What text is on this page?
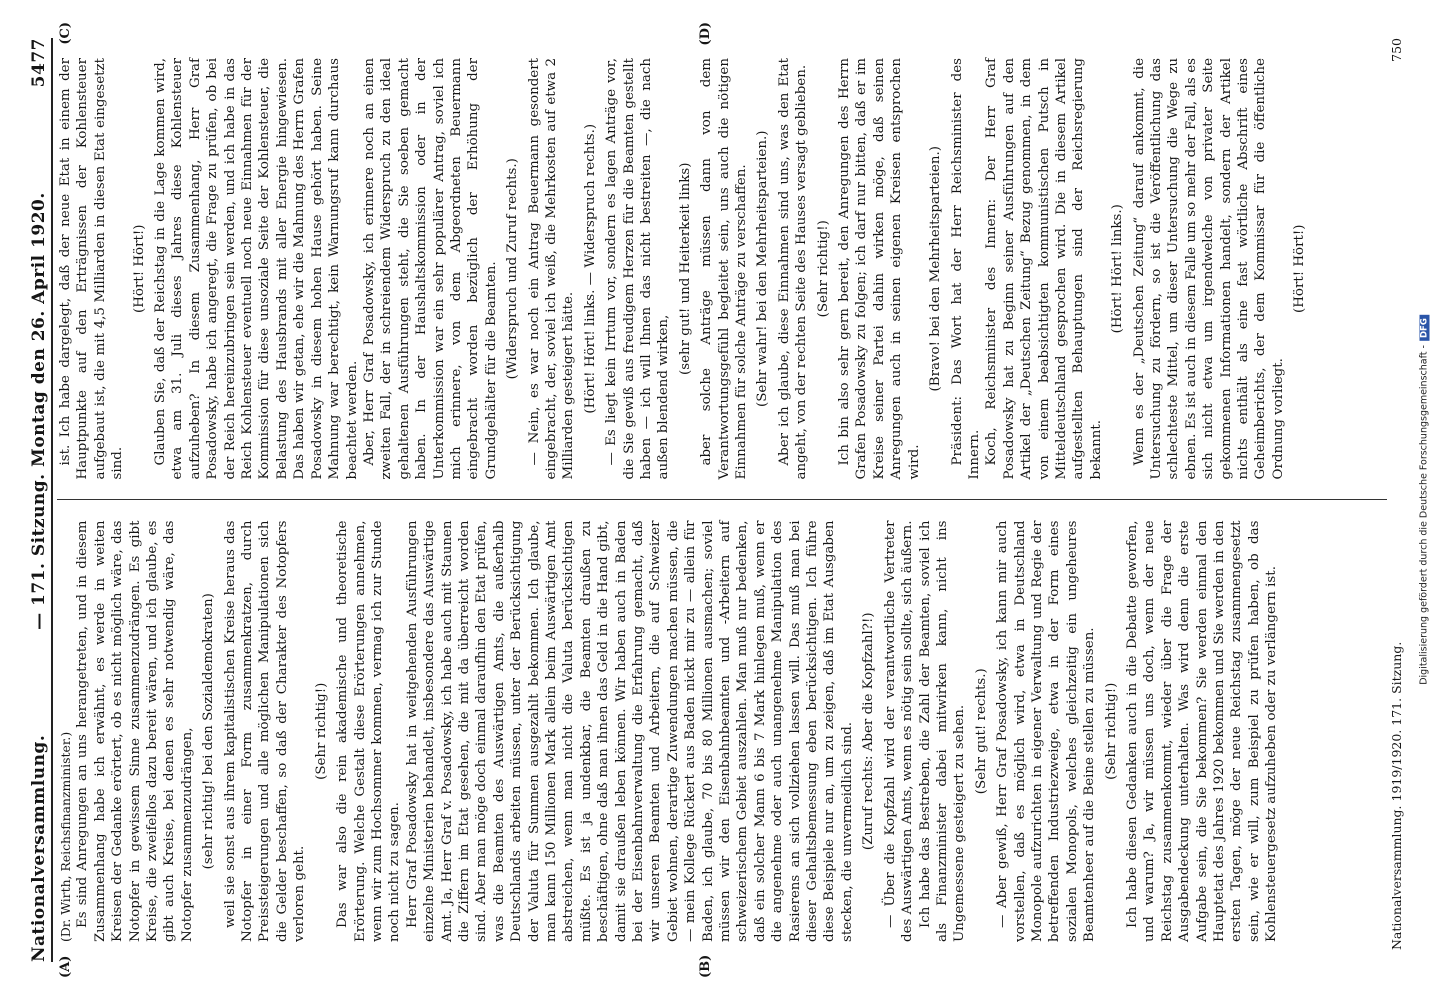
Nationalversammlung.
— 171. Sitzung. Montag den 26. April 1920.
5477
(A)	(B)

(Dr. Wirth, Reichsfinanzminister.) Es sind Anregungen an uns herangetreten, und in diesem Zusammenhang habe ich erwähnt, es werde in weiten Kreisen der Gedanke erörtert, ob es nicht möglich wäre, das Notopfer in gewissem Sinne zusammenzudrängen. Es gibt Kreise, die zweifellos dazu bereit wären, und ich glaube, es gibt auch Kreise, bei denen es sehr notwendig wäre, das Notopfer zusammenzudrängen, (sehr richtig! bei den Sozialdemokraten) weil sie sonst aus ihrem kapitalistischen Kreise heraus das Notopfer in einer Form zusammenkratzen, durch Preissteigerungen und alle möglichen Manipulationen sich die Gelder beschaffen, so daß der Charakter des Notopfers verloren geht.

(Sehr richtig!) Das war also die rein akademische und theoretische Erörterung. Welche Gestalt diese Erörterungen annehmen, wenn wir zum Hochsommer kommen, vermag ich zur Stunde noch nicht zu sagen. Herr Graf Posadowsky hat in weitgehenden Ausführungen einzelne Ministerien behandelt, insbesondere das Auswärtige Amt. Ja, Herr Graf v. Posadowsky, ich habe auch mit Staunen die Ziffern im Etat gesehen, die mit da überreicht worden sind. Aber man möge doch einmal daraufhin den Etat prüfen, was die Beamten des Auswärtigen Amts, die außerhalb Deutschlands arbeiten müssen, unter der Berücksichtigung der Valuta für Summen ausgezahlt bekommen. Ich glaube, man kann 150 Millionen Mark allein beim Auswärtigen Amt abstreichen, wenn man nicht die Valuta berücksichtigen müßte. Es ist ja undenkbar, die Beamten draußen zu beschäftigen, ohne daß man ihnen das Geld in die Hand gibt, damit sie draußen leben können. Wir haben auch in Baden bei der Eisenbahnverwaltung die Erfahrung gemacht, daß wir unseren Beamten und Arbeitern, die auf Schweizer Gebiet wohnen, derartige Zuwendungen machen müssen, die — mein Kollege Rückert aus Baden nickt mir zu — allein für Baden, ich glaube, 70 bis 80 Millionen ausmachen; soviel müssen wir den Eisenbahnbeamten und -Arbeitern auf schweizerischem Gebiet auszahlen. Man muß nur bedenken, daß ein solcher Mann 6 bis 7 Mark hinlegen muß, wenn er die angenehme oder auch unangenehme Manipulation des Rasierens an sich vollziehen lassen will. Das muß man bei dieser Gehaltsbemessung eben berücksichtigen. Ich führe diese Beispiele nur an, um zu zeigen, daß im Etat Ausgaben stecken, die unvermeidlich sind. (Zuruf rechts: Aber die Kopfzahl?!) — Über die Kopfzahl wird der verantwortliche Vertreter des Auswärtigen Amts, wenn es nötig sein sollte, sich äußern. Ich habe das Bestreben, die Zahl der Beamten, soviel ich als Finanzminister dabei mitwirken kann, nicht ins Ungemessene gesteigert zu sehen. (Sehr gut! rechts.) — Aber gewiß, Herr Graf Posadowsky, ich kann mir auch vorstellen, daß es möglich wird, etwa in Deutschland Monopole aufzurichten in eigener Verwaltung und Regie der betreffenden Industriezweige, etwa in der Form eines sozialen Monopols, welches gleichzeitig ein ungeheures Beamtenheer auf die Beine stellen zu müssen. (Sehr richtig!) Ich habe diesen Gedanken auch in die Debatte geworfen, und warum? Ja, wir müssen uns doch, wenn der neue Reichstag zusammenkommt, wieder über die Frage der Ausgabendeckung unterhalten. Was wird denn die erste Aufgabe sein, die Sie bekommen? Sie werden einmal den Hauptetat des Jahres 1920 bekommen und Sie werden in den ersten Tagen, möge der neue Reichstag zusammengesetzt sein, wie er will, zum Beispiel zu prüfen haben, ob das Kohlensteuergesetz aufzuheben oder zu verlängern ist.

(C)	(D)

ist. Ich habe dargelegt, daß der neue Etat in einem der Hauptpunkte auf den Erträgnissen der Kohlensteuer aufgebaut ist, die mit 4,5 Milliarden in diesen Etat eingesetzt sind.

(Hört! Hört!) Glauben Sie, daß der Reichstag in die Lage kommen wird, etwa am 31. Juli dieses Jahres diese Kohlensteuer aufzuheben? In diesem Zusammenhang, Herr Graf Posadowsky, habe ich angeregt, die Frage zu prüfen, ob bei der Reich hereinzubringen sein werden, und ich habe in das Reich Kohlensteuer eventuell noch neue Einnahmen für der Kommission für diese unsoziale Seite der Kohlensteuer, die Belastung des Hausbrands mit aller Energie hingewiesen. Das haben wir getan, ehe wir die Mahnung des Herrn Grafen Posadowsky in diesem hohen Hause gehört haben. Seine Mahnung war berechtigt, kein Warnungsruf kann durchaus beachtet werden. Aber, Herr Graf Posadowsky, ich erinnere noch an einen zweiten Fall, der in schreiendem Widerspruch zu den ideal gehaltenen Ausführungen steht, die Sie soeben gemacht haben. In der Haushaltskommission oder in der Unterkommission war ein sehr populärer Antrag, soviel ich mich erinnere, von dem Abgeordneten Beuermann eingebracht worden bezüglich der Erhöhung der Grundgehälter für die Beamten. (Widerspruch und Zuruf rechts.) — Nein, es war noch ein Antrag Beuermann gesondert eingebracht, der, soviel ich weiß, die Mehrkosten auf etwa 2 Milliarden gesteigert hätte. (Hört! Hört! links. — Widerspruch rechts.) — Es liegt kein Irrtum vor, sondern es lagen Anträge vor, die Sie gewiß aus freudigem Herzen für die Beamten gestellt haben — ich will Ihnen das nicht bestreiten —, die nach außen blendend wirken,

(sehr gut! und Heiterkeit links) aber solche Anträge müssen dann von dem Verantwortungsgefühl begleitet sein, uns auch die nötigen Einnahmen für solche Anträge zu verschaffen. (Sehr wahr! bei den Mehrheitsparteien.) Aber ich glaube, diese Einnahmen sind uns, was den Etat angeht, von der rechten Seite des Hauses versagt geblieben. (Sehr richtig!) Ich bin also sehr gern bereit, den Anregungen des Herrn Grafen Posadowsky zu folgen; ich darf nur bitten, daß er im Kreise seiner Partei dahin wirken möge, daß seinen Anregungen auch in seinen eigenen Kreisen entsprochen wird.

(Bravo! bei den Mehrheitsparteien.) Präsident: Das Wort hat der Herr Reichsminister des Innern. Koch, Reichsminister des Innern: Der Herr Graf Posadowsky hat zu Beginn seiner Ausführungen auf den Artikel der „Deutschen Zeitung“ Bezug genommen, in dem von einem beabsichtigten kommunistischen Putsch in Mitteldeutschland gesprochen wird. Die in diesem Artikel aufgestellten Behauptungen sind der Reichsregierung bekannt.

(Hört! Hört! links.) Wenn es der „Deutschen Zeitung“ darauf ankommt, die Untersuchung zu fördern, so ist die Veröffentlichung das schlechteste Mittel, um dieser Untersuchung die Wege zu ebnen. Es ist auch in diesem Falle um so mehr der Fall, als es sich nicht etwa um irgendwelche von privater Seite gekommenen Informationen handelt, sondern der Artikel nichts enthält als eine fast wörtliche Abschrift eines Geheimberichts, der dem Kommissar für die öffentliche Ordnung vorliegt.

(Hört! Hört!)

Nationalversammlung. 1919/1920. 171. Sitzung.
750
Digitalisierung gefördert durch die Deutsche Forschungsgemeinschaft -DFG
